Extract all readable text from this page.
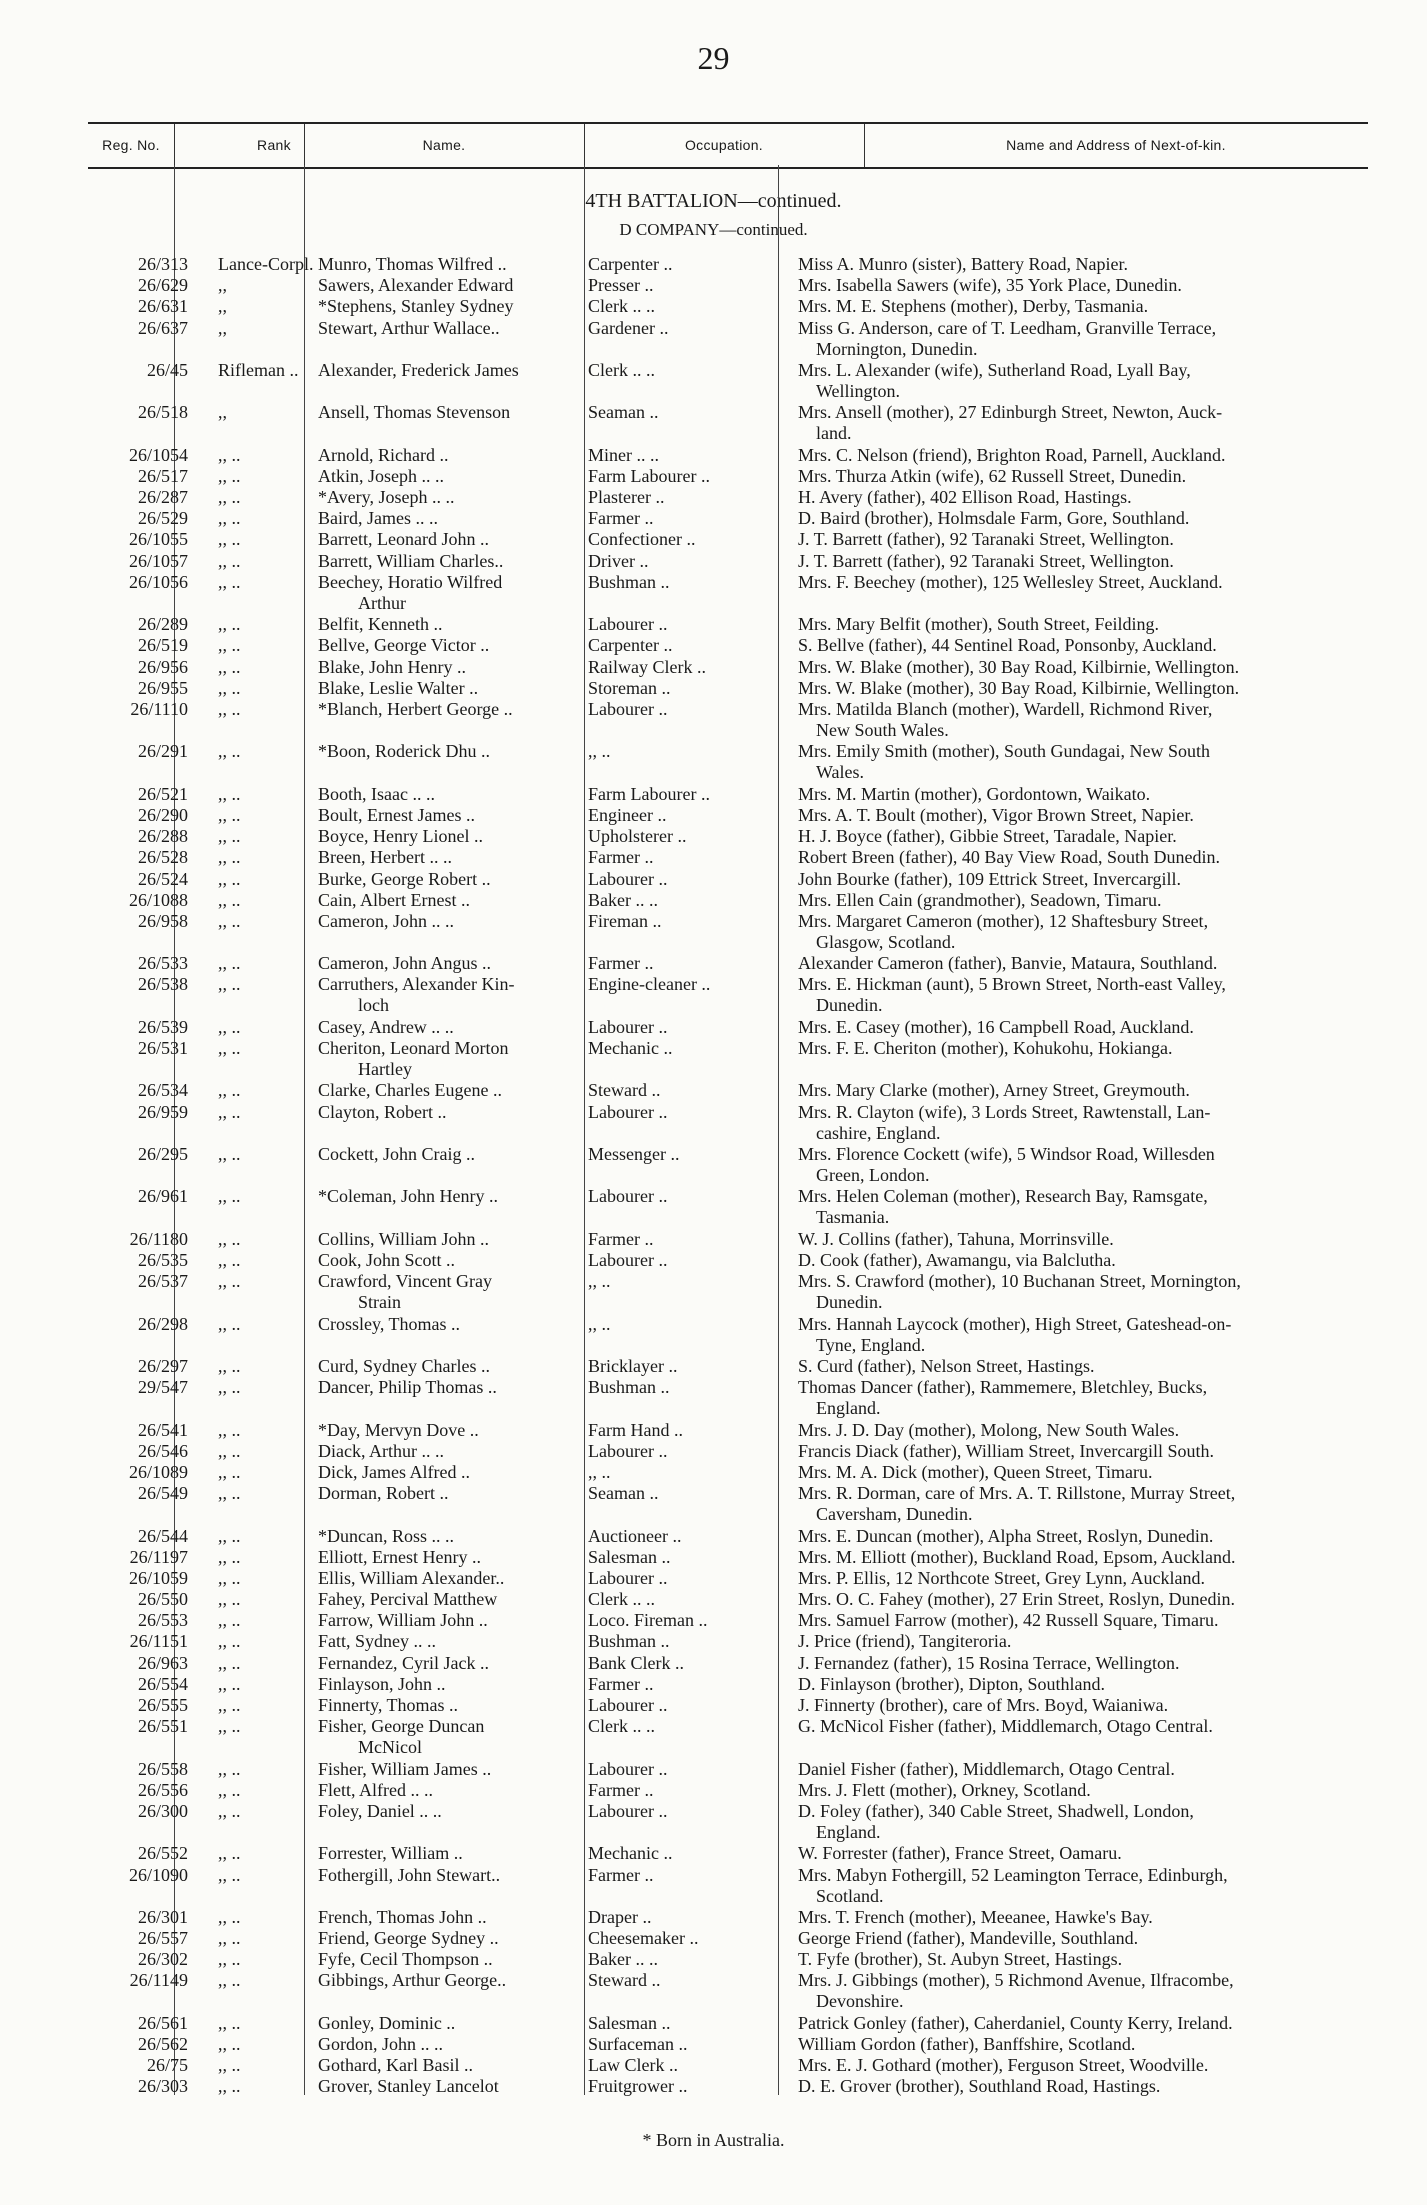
29
Reg. No.	Rank	Name.	Occupation.	Name and Address of Next-of-kin.
4TH BATTALION—continued.
D COMPANY—continued.
26/313 Lance-Corpl. Munro, Thomas Wilfred ..	Carpenter ..	Miss A. Munro (sister), Battery Road, Napier.
26/629 ,,	Sawers, Alexander Edward	Presser ..	Mrs. Isabella Sawers (wife), 35 York Place, Dunedin.
26/631 ,,	*Stephens, Stanley Sydney	Clerk .. ..	Mrs. M. E. Stephens (mother), Derby, Tasmania.
26/637 ,,	Stewart, Arthur Wallace..	Gardener ..	Miss G. Anderson, care of T. Leedham, Granville Terrace,
Mornington, Dunedin.
26/45 Rifleman ..	Alexander, Frederick James	Clerk .. ..	Mrs. L. Alexander (wife), Sutherland Road, Lyall Bay,
Wellington.
26/518 ,,	Ansell, Thomas Stevenson	Seaman ..	Mrs. Ansell (mother), 27 Edinburgh Street, Newton, Auck-
land.
26/1054 ,, ..	Arnold, Richard ..	Miner .. ..	Mrs. C. Nelson (friend), Brighton Road, Parnell, Auckland.
26/517 ,, ..	Atkin, Joseph .. ..	Farm Labourer ..	Mrs. Thurza Atkin (wife), 62 Russell Street, Dunedin.
26/287 ,, ..	*Avery, Joseph .. ..	Plasterer ..	H. Avery (father), 402 Ellison Road, Hastings.
26/529 ,, ..	Baird, James .. ..	Farmer ..	D. Baird (brother), Holmsdale Farm, Gore, Southland.
26/1055 ,, ..	Barrett, Leonard John ..	Confectioner ..	J. T. Barrett (father), 92 Taranaki Street, Wellington.
26/1057 ,, ..	Barrett, William Charles..	Driver ..	J. T. Barrett (father), 92 Taranaki Street, Wellington.
26/1056 ,, ..	Beechey, Horatio Wilfred
Arthur
Bushman ..	Mrs. F. Beechey (mother), 125 Wellesley Street, Auckland.
26/289 ,, ..	Belfit, Kenneth ..	Labourer ..	Mrs. Mary Belfit (mother), South Street, Feilding.
26/519 ,, ..	Bellve, George Victor ..	Carpenter ..	S. Bellve (father), 44 Sentinel Road, Ponsonby, Auckland.
26/956 ,, ..	Blake, John Henry ..	Railway Clerk ..	Mrs. W. Blake (mother), 30 Bay Road, Kilbirnie, Wellington.
26/955 ,, ..	Blake, Leslie Walter ..	Storeman ..	Mrs. W. Blake (mother), 30 Bay Road, Kilbirnie, Wellington.
26/1110 ,, ..	*Blanch, Herbert George ..	Labourer ..	Mrs. Matilda Blanch (mother), Wardell, Richmond River,
New South Wales.
26/291 ,, ..	*Boon, Roderick Dhu ..	,, ..	Mrs. Emily Smith (mother), South Gundagai, New South
Wales.
26/521 ,, ..	Booth, Isaac .. ..	Farm Labourer ..	Mrs. M. Martin (mother), Gordontown, Waikato.
26/290 ,, ..	Boult, Ernest James ..	Engineer ..	Mrs. A. T. Boult (mother), Vigor Brown Street, Napier.
26/288 ,, ..	Boyce, Henry Lionel ..	Upholsterer ..	H. J. Boyce (father), Gibbie Street, Taradale, Napier.
26/528 ,, ..	Breen, Herbert .. ..	Farmer ..	Robert Breen (father), 40 Bay View Road, South Dunedin.
26/524 ,, ..	Burke, George Robert ..	Labourer ..	John Bourke (father), 109 Ettrick Street, Invercargill.
26/1088 ,, ..	Cain, Albert Ernest ..	Baker .. ..	Mrs. Ellen Cain (grandmother), Seadown, Timaru.
26/958 ,, ..	Cameron, John .. ..	Fireman ..	Mrs. Margaret Cameron (mother), 12 Shaftesbury Street,
Glasgow, Scotland.
26/533 ,, ..	Cameron, John Angus ..	Farmer ..	Alexander Cameron (father), Banvie, Mataura, Southland.
26/538 ,, ..	Carruthers, Alexander Kin-
loch
Engine-cleaner ..	Mrs. E. Hickman (aunt), 5 Brown Street, North-east Valley,
Dunedin.
26/539 ,, ..	Casey, Andrew .. ..	Labourer ..	Mrs. E. Casey (mother), 16 Campbell Road, Auckland.
26/531 ,, ..	Cheriton, Leonard Morton
Hartley
Mechanic ..	Mrs. F. E. Cheriton (mother), Kohukohu, Hokianga.
26/534 ,, ..	Clarke, Charles Eugene ..	Steward ..	Mrs. Mary Clarke (mother), Arney Street, Greymouth.
26/959 ,, ..	Clayton, Robert ..	Labourer ..	Mrs. R. Clayton (wife), 3 Lords Street, Rawtenstall, Lan-
cashire, England.
26/295 ,, ..	Cockett, John Craig ..	Messenger ..	Mrs. Florence Cockett (wife), 5 Windsor Road, Willesden
Green, London.
26/961 ,, ..	*Coleman, John Henry ..	Labourer ..	Mrs. Helen Coleman (mother), Research Bay, Ramsgate,
Tasmania.
26/1180 ,, ..	Collins, William John ..	Farmer ..	W. J. Collins (father), Tahuna, Morrinsville.
26/535 ,, ..	Cook, John Scott ..	Labourer ..	D. Cook (father), Awamangu, via Balclutha.
26/537 ,, ..	Crawford, Vincent Gray
Strain
,, ..	Mrs. S. Crawford (mother), 10 Buchanan Street, Mornington,
Dunedin.
26/298 ,, ..	Crossley, Thomas ..	,, ..	Mrs. Hannah Laycock (mother), High Street, Gateshead-on-
Tyne, England.
26/297 ,, ..	Curd, Sydney Charles ..	Bricklayer ..	S. Curd (father), Nelson Street, Hastings.
29/547 ,, ..	Dancer, Philip Thomas ..	Bushman ..	Thomas Dancer (father), Rammemere, Bletchley, Bucks,
England.
26/541 ,, ..	*Day, Mervyn Dove ..	Farm Hand ..	Mrs. J. D. Day (mother), Molong, New South Wales.
26/546 ,, ..	Diack, Arthur .. ..	Labourer ..	Francis Diack (father), William Street, Invercargill South.
26/1089 ,, ..	Dick, James Alfred ..	,, ..	Mrs. M. A. Dick (mother), Queen Street, Timaru.
26/549 ,, ..	Dorman, Robert ..	Seaman ..	Mrs. R. Dorman, care of Mrs. A. T. Rillstone, Murray Street,
Caversham, Dunedin.
26/544 ,, ..	*Duncan, Ross .. ..	Auctioneer ..	Mrs. E. Duncan (mother), Alpha Street, Roslyn, Dunedin.
26/1197 ,, ..	Elliott, Ernest Henry ..	Salesman ..	Mrs. M. Elliott (mother), Buckland Road, Epsom, Auckland.
26/1059 ,, ..	Ellis, William Alexander..	Labourer ..	Mrs. P. Ellis, 12 Northcote Street, Grey Lynn, Auckland.
26/550 ,, ..	Fahey, Percival Matthew	Clerk .. ..	Mrs. O. C. Fahey (mother), 27 Erin Street, Roslyn, Dunedin.
26/553 ,, ..	Farrow, William John ..	Loco. Fireman ..	Mrs. Samuel Farrow (mother), 42 Russell Square, Timaru.
26/1151 ,, ..	Fatt, Sydney .. ..	Bushman ..	J. Price (friend), Tangiteroria.
26/963 ,, ..	Fernandez, Cyril Jack ..	Bank Clerk ..	J. Fernandez (father), 15 Rosina Terrace, Wellington.
26/554 ,, ..	Finlayson, John ..	Farmer ..	D. Finlayson (brother), Dipton, Southland.
26/555 ,, ..	Finnerty, Thomas ..	Labourer ..	J. Finnerty (brother), care of Mrs. Boyd, Waianiwa.
26/551 ,, ..	Fisher, George Duncan
McNicol
Clerk .. ..	G. McNicol Fisher (father), Middlemarch, Otago Central.
26/558 ,, ..	Fisher, William James ..	Labourer ..	Daniel Fisher (father), Middlemarch, Otago Central.
26/556 ,, ..	Flett, Alfred .. ..	Farmer ..	Mrs. J. Flett (mother), Orkney, Scotland.
26/300 ,, ..	Foley, Daniel .. ..	Labourer ..	D. Foley (father), 340 Cable Street, Shadwell, London,
England.
26/552 ,, ..	Forrester, William ..	Mechanic ..	W. Forrester (father), France Street, Oamaru.
26/1090 ,, ..	Fothergill, John Stewart..	Farmer ..	Mrs. Mabyn Fothergill, 52 Leamington Terrace, Edinburgh,
Scotland.
26/301 ,, ..	French, Thomas John ..	Draper ..	Mrs. T. French (mother), Meeanee, Hawke's Bay.
26/557 ,, ..	Friend, George Sydney ..	Cheesemaker ..	George Friend (father), Mandeville, Southland.
26/302 ,, ..	Fyfe, Cecil Thompson ..	Baker .. ..	T. Fyfe (brother), St. Aubyn Street, Hastings.
26/1149 ,, ..	Gibbings, Arthur George..	Steward ..	Mrs. J. Gibbings (mother), 5 Richmond Avenue, Ilfracombe,
Devonshire.
26/561 ,, ..	Gonley, Dominic ..	Salesman ..	Patrick Gonley (father), Caherdaniel, County Kerry, Ireland.
26/562 ,, ..	Gordon, John .. ..	Surfaceman ..	William Gordon (father), Banffshire, Scotland.
26/75 ,, ..	Gothard, Karl Basil ..	Law Clerk ..	Mrs. E. J. Gothard (mother), Ferguson Street, Woodville.
26/303 ,, ..	Grover, Stanley Lancelot	Fruitgrower ..	D. E. Grover (brother), Southland Road, Hastings.
* Born in Australia.
